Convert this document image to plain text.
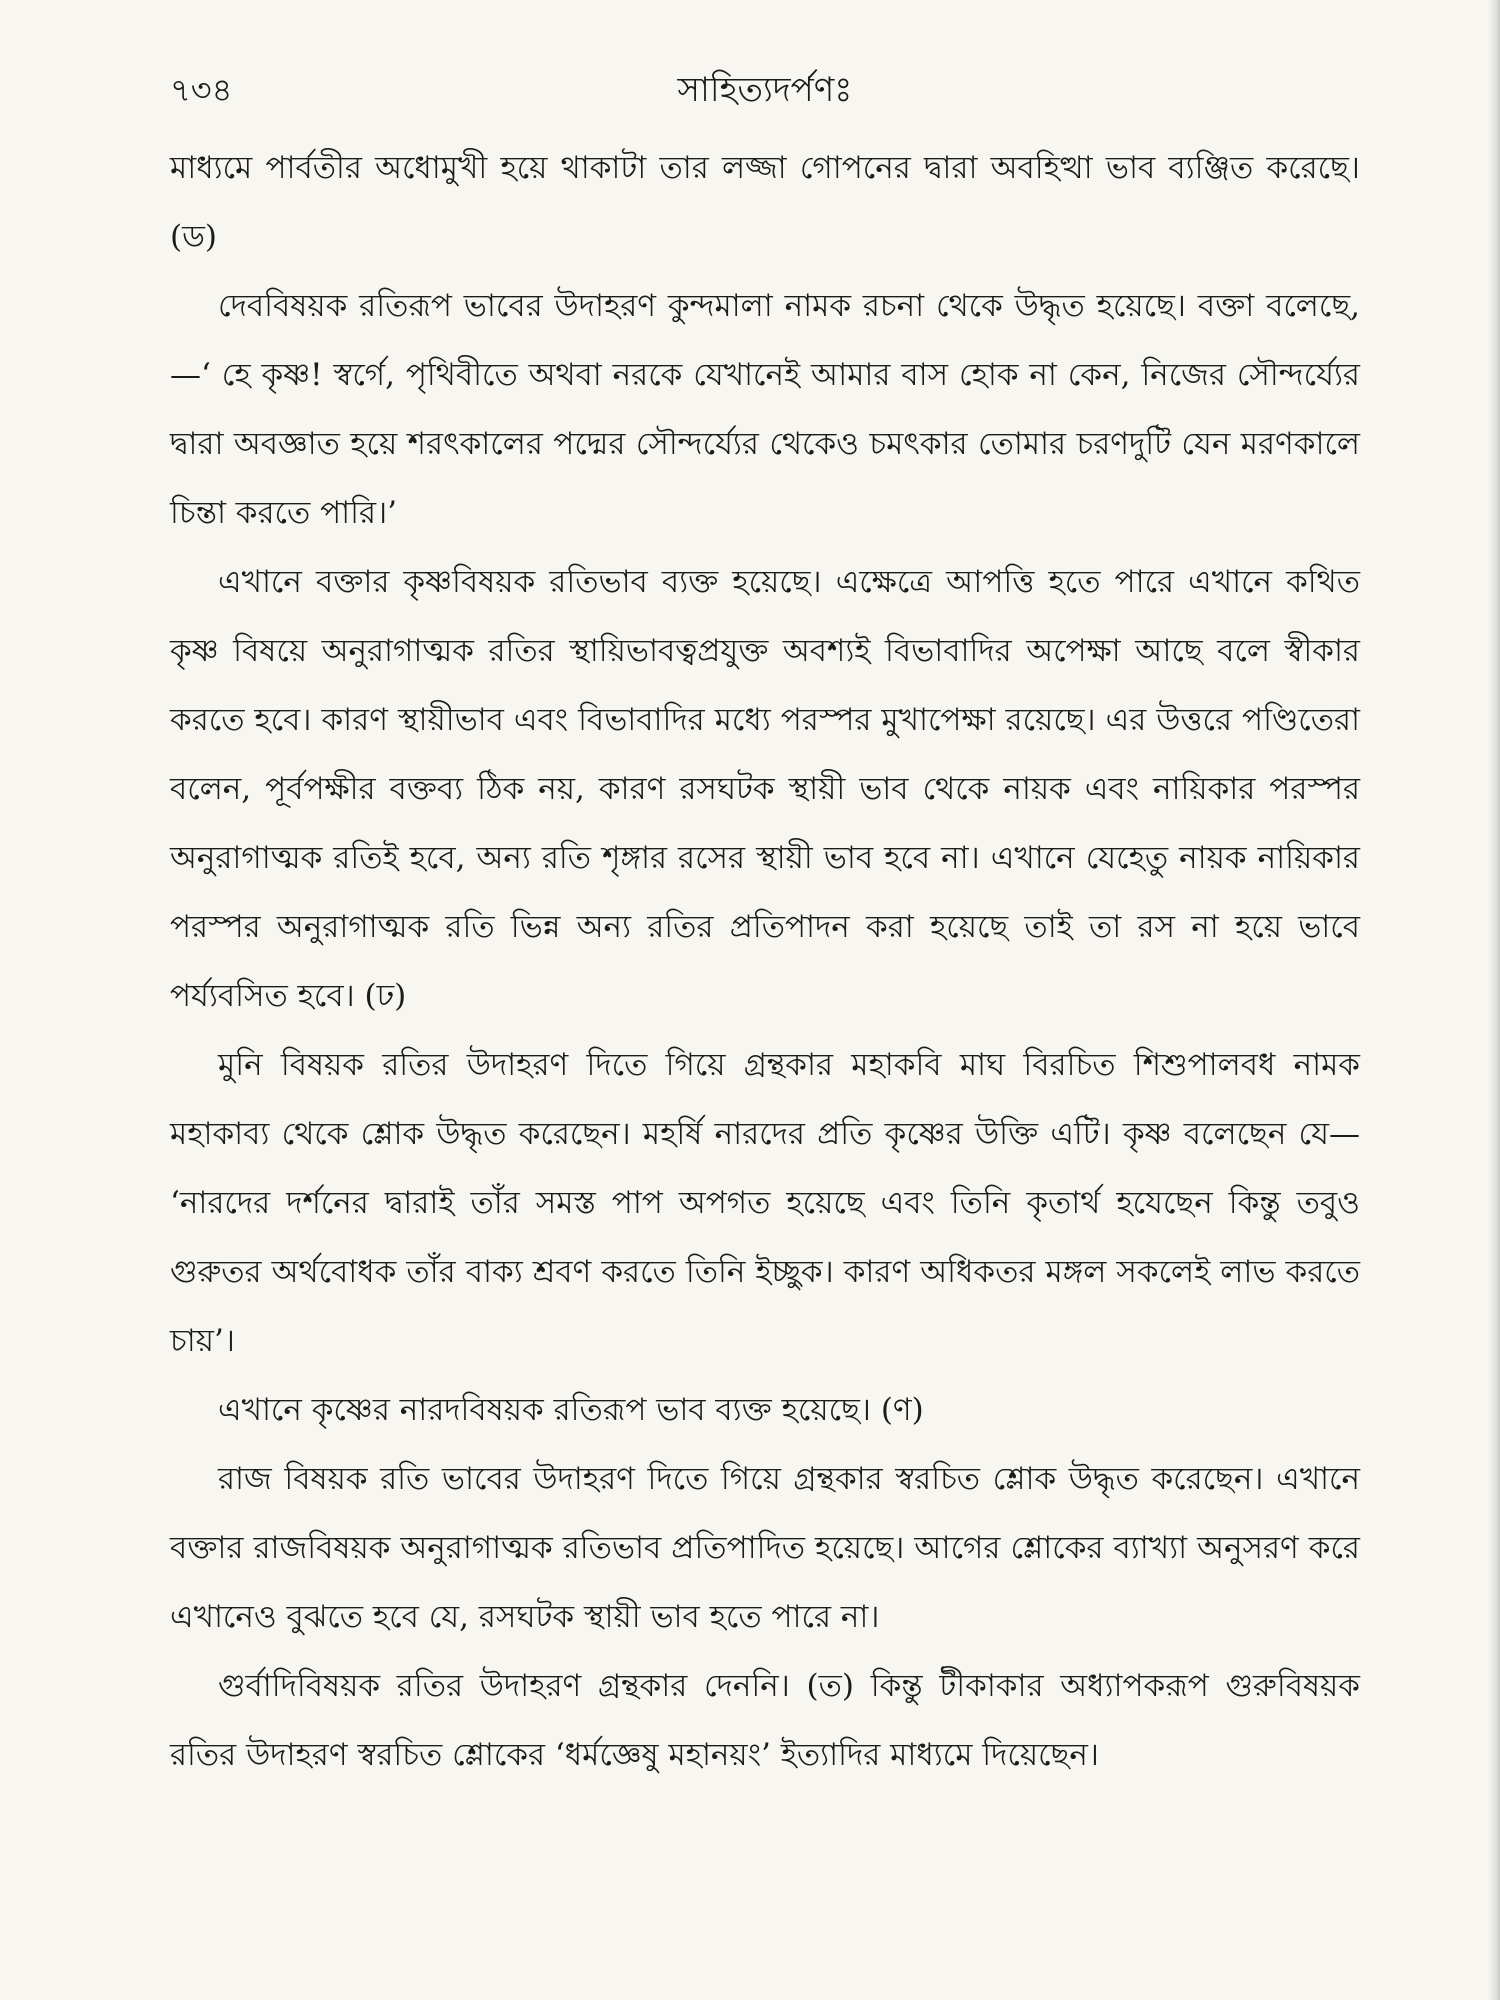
৭৩৪	সাহিত্যদর্পণঃ

মাধ্যমে পার্বতীর অধোমুখী হয়ে থাকাটা তার লজ্জা গোপনের দ্বারা অবহিত্থা ভাব ব্যঞ্জিত করেছে। (ড)

দেববিষয়ক রতিরূপ ভাবের উদাহরণ কুন্দমালা নামক রচনা থেকে উদ্ধৃত হয়েছে। বক্তা বলেছে,—‘ হে কৃষ্ণ! স্বর্গে, পৃথিবীতে অথবা নরকে যেখানেই আমার বাস হোক না কেন, নিজের সৌন্দর্য্যের দ্বারা অবজ্ঞাত হয়ে শরৎকালের পদ্মের সৌন্দর্য্যের থেকেও চমৎকার তোমার চরণদুটি যেন মরণকালে চিন্তা করতে পারি।’

এখানে বক্তার কৃষ্ণবিষয়ক রতিভাব ব্যক্ত হয়েছে। এক্ষেত্রে আপত্তি হতে পারে এখানে কথিত কৃষ্ণ বিষয়ে অনুরাগাত্মক রতির স্থায়িভাবত্বপ্রযুক্ত অবশ্যই বিভাবাদির অপেক্ষা আছে বলে স্বীকার করতে হবে। কারণ স্থায়ীভাব এবং বিভাবাদির মধ্যে পরস্পর মুখাপেক্ষা রয়েছে। এর উত্তরে পণ্ডিতেরা বলেন, পূর্বপক্ষীর বক্তব্য ঠিক নয়, কারণ রসঘটক স্থায়ী ভাব থেকে নায়ক এবং নায়িকার পরস্পর অনুরাগাত্মক রতিই হবে, অন্য রতি শৃঙ্গার রসের স্থায়ী ভাব হবে না। এখানে যেহেতু নায়ক নায়িকার পরস্পর অনুরাগাত্মক রতি ভিন্ন অন্য রতির প্রতিপাদন করা হয়েছে তাই তা রস না হয়ে ভাবে পর্য্যবসিত হবে। (ঢ)

মুনি বিষয়ক রতির উদাহরণ দিতে গিয়ে গ্রন্থকার মহাকবি মাঘ বিরচিত শিশুপালবধ নামক মহাকাব্য থেকে শ্লোক উদ্ধৃত করেছেন। মহর্ষি নারদের প্রতি কৃষ্ণের উক্তি এটি। কৃষ্ণ বলেছেন যে— ‘নারদের দর্শনের দ্বারাই তাঁর সমস্ত পাপ অপগত হয়েছে এবং তিনি কৃতার্থ হযেছেন কিন্তু তবুও গুরুতর অর্থবোধক তাঁর বাক্য শ্রবণ করতে তিনি ইচ্ছুক। কারণ অধিকতর মঙ্গল সকলেই লাভ করতে চায়’।

এখানে কৃষ্ণের নারদবিষয়ক রতিরূপ ভাব ব্যক্ত হয়েছে। (ণ)

রাজ বিষয়ক রতি ভাবের উদাহরণ দিতে গিয়ে গ্রন্থকার স্বরচিত শ্লোক উদ্ধৃত করেছেন। এখানে বক্তার রাজবিষয়ক অনুরাগাত্মক রতিভাব প্রতিপাদিত হয়েছে। আগের শ্লোকের ব্যাখ্যা অনুসরণ করে এখানেও বুঝতে হবে যে, রসঘটক স্থায়ী ভাব হতে পারে না।

গুর্বাদিবিষয়ক রতির উদাহরণ গ্রন্থকার দেননি। (ত) কিন্তু টীকাকার অধ্যাপকরূপ গুরুবিষয়ক রতির উদাহরণ স্বরচিত শ্লোকের ‘ধর্মজ্ঞেষু মহানয়ং’ ইত্যাদির মাধ্যমে দিয়েছেন।
